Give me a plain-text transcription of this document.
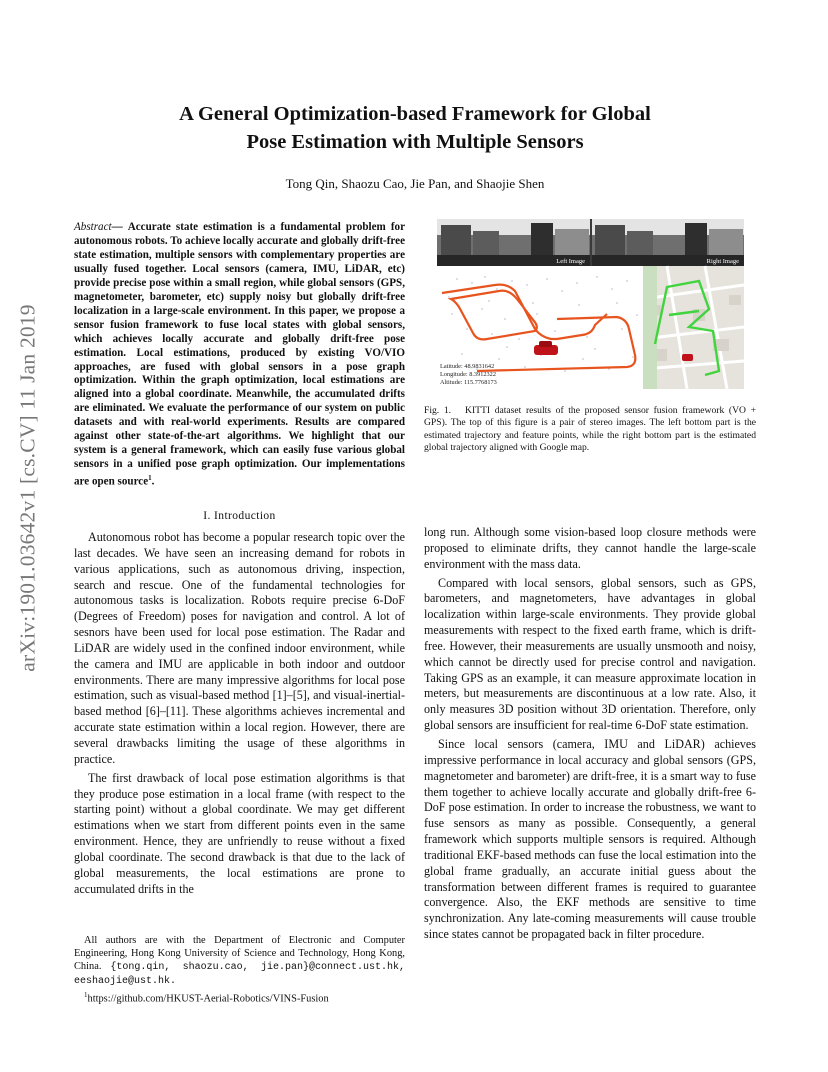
arXiv:1901.03642v1 [cs.CV] 11 Jan 2019
A General Optimization-based Framework for Global
Pose Estimation with Multiple Sensors
Tong Qin, Shaozu Cao, Jie Pan, and Shaojie Shen
Abstract— Accurate state estimation is a fundamental problem for autonomous robots. To achieve locally accurate and globally drift-free state estimation, multiple sensors with complementary properties are usually fused together. Local sensors (camera, IMU, LiDAR, etc) provide precise pose within a small region, while global sensors (GPS, magnetometer, barometer, etc) supply noisy but globally drift-free localization in a large-scale environment. In this paper, we propose a sensor fusion framework to fuse local states with global sensors, which achieves locally accurate and globally drift-free pose estimation. Local estimations, produced by existing VO/VIO approaches, are fused with global sensors in a pose graph optimization. Within the graph optimization, local estimations are aligned into a global coordinate. Meanwhile, the accumulated drifts are eliminated. We evaluate the performance of our system on public datasets and with real-world experiments. Results are compared against other state-of-the-art algorithms. We highlight that our system is a general framework, which can easily fuse various global sensors in a unified pose graph optimization. Our implementations are open source$^1$.
Left Image	Right Image
Latitude: 48.9831642
Longitude: 8.3912322
Altitude: 115.7768173
Fig. 1. KITTI dataset results of the proposed sensor fusion framework (VO + GPS). The top of this figure is a pair of stereo images. The left bottom part is the estimated trajectory and feature points, while the right bottom part is the estimated global trajectory aligned with Google map.
I. Introduction

Autonomous robot has become a popular research topic over the last decades. We have seen an increasing demand for robots in various applications, such as autonomous driving, inspection, search and rescue. One of the fundamental technologies for autonomous tasks is localization. Robots require precise 6-DoF (Degrees of Freedom) poses for navigation and control. A lot of sesnors have been used for local pose estimation. The Radar and LiDAR are widely used in the confined indoor environment, while the camera and IMU are applicable in both indoor and outdoor environments. There are many impressive algorithms for local pose estimation, such as visual-based method [1]–[5], and visual-inertial-based method [6]–[11]. These algorithms achieves incremental and accurate state estimation within a local region. However, there are several drawbacks limiting the usage of these algorithms in practice.

The first drawback of local pose estimation algorithms is that they produce pose estimation in a local frame (with respect to the starting point) without a global coordinate. We may get different estimations when we start from different points even in the same environment. Hence, they are unfriendly to reuse without a fixed global coordinate. The second drawback is that due to the lack of global measurements, the local estimations are prone to accumulated drifts in the

long run. Although some vision-based loop closure methods were proposed to eliminate drifts, they cannot handle the large-scale environment with the mass data.

Compared with local sensors, global sensors, such as GPS, barometers, and magnetometers, have advantages in global localization within large-scale environments. They provide global measurements with respect to the fixed earth frame, which is drift-free. However, their measurements are usually unsmooth and noisy, which cannot be directly used for precise control and navigation. Taking GPS as an example, it can measure approximate location in meters, but measurements are discontinuous at a low rate. Also, it only measures 3D position without 3D orientation. Therefore, only global sensors are insufficient for real-time 6-DoF state estimation.

Since local sensors (camera, IMU and LiDAR) achieves impressive performance in local accuracy and global sensors (GPS, magnetometer and barometer) are drift-free, it is a smart way to fuse them together to achieve locally accurate and globally drift-free 6-DoF pose estimation. In order to increase the robustness, we want to fuse sensors as many as possible. Consequently, a general framework which supports multiple sensors is required. Although traditional EKF-based methods can fuse the local estimation into the global frame gradually, an accurate initial guess about the transformation between different frames is required to guarantee convergence. Also, the EKF methods are sensitive to time synchronization. Any late-coming measurements will cause trouble since states cannot be propagated back in filter procedure.

All authors are with the Department of Electronic and Computer Engineering, Hong Kong University of Science and Technology, Hong Kong, China. {tong.qin, shaozu.cao, jie.pan}@connect.ust.hk, eeshaojie@ust.hk.

$^1$https://github.com/HKUST-Aerial-Robotics/VINS-Fusion
